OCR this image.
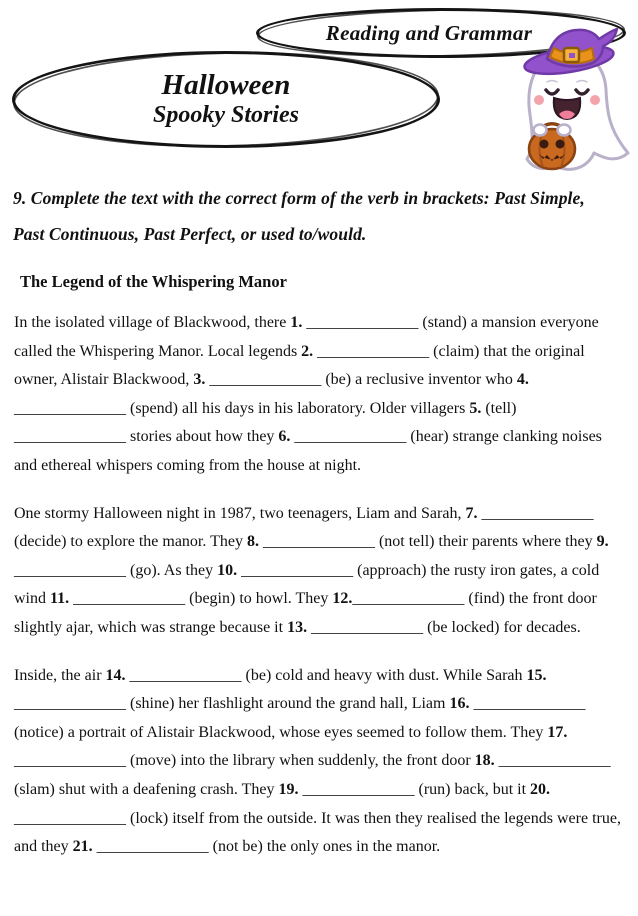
Reading and Grammar
Halloween
Spooky Stories
9. Complete the text with the correct form of the verb in brackets: Past Simple, Past Continuous, Past Perfect, or used to/would.
The Legend of the Whispering Manor

In the isolated village of Blackwood, there 1. ______________ (stand) a mansion everyone called the Whispering Manor. Local legends 2. ______________ (claim) that the original owner, Alistair Blackwood, 3. ______________ (be) a reclusive inventor who 4. ______________ (spend) all his days in his laboratory. Older villagers 5. (tell) ______________ stories about how they 6. ______________ (hear) strange clanking noises and ethereal whispers coming from the house at night.

One stormy Halloween night in 1987, two teenagers, Liam and Sarah, 7. ______________ (decide) to explore the manor. They 8. ______________ (not tell) their parents where they 9. ______________ (go). As they 10. ______________ (approach) the rusty iron gates, a cold wind 11. ______________ (begin) to howl. They 12.______________ (find) the front door slightly ajar, which was strange because it 13. ______________ (be locked) for decades.

Inside, the air 14. ______________ (be) cold and heavy with dust. While Sarah 15. ______________ (shine) her flashlight around the grand hall, Liam 16. ______________ (notice) a portrait of Alistair Blackwood, whose eyes seemed to follow them. They 17. ______________ (move) into the library when suddenly, the front door 18. ______________ (slam) shut with a deafening crash. They 19. ______________ (run) back, but it 20. ______________ (lock) itself from the outside. It was then they realised the legends were true, and they 21. ______________ (not be) the only ones in the manor.
